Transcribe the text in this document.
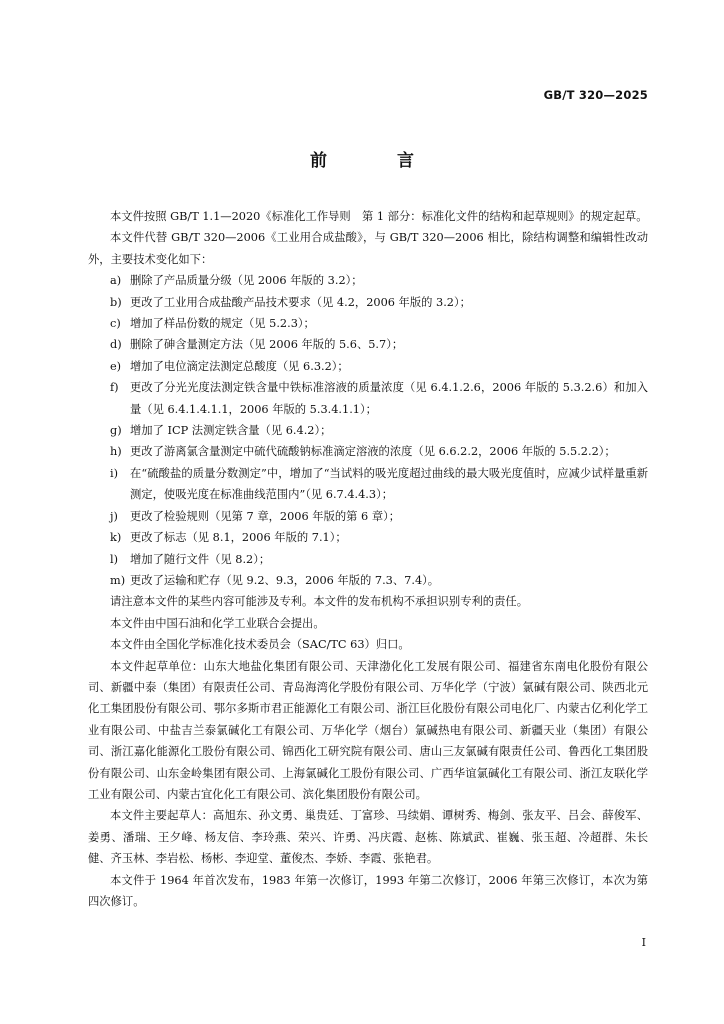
GB/T 320—2025
前 言

本文件按照 GB/T 1.1—2020《标准化工作导则　第 1 部分：标准化文件的结构和起草规则》的规定起草。

本文件代替 GB/T 320—2006《工业用合成盐酸》，与 GB/T 320—2006 相比，除结构调整和编辑性改动外，主要技术变化如下：

a) 删除了产品质量分级（见 2006 年版的 3.2）；

b) 更改了工业用合成盐酸产品技术要求（见 4.2，2006 年版的 3.2）；

c) 增加了样品份数的规定（见 5.2.3）；

d) 删除了砷含量测定方法（见 2006 年版的 5.6、5.7）；

e) 增加了电位滴定法测定总酸度（见 6.3.2）；

f) 更改了分光光度法测定铁含量中铁标准溶液的质量浓度（见 6.4.1.2.6，2006 年版的 5.3.2.6）和加入量（见 6.4.1.4.1.1，2006 年版的 5.3.4.1.1）；

g) 增加了 ICP 法测定铁含量（见 6.4.2）；

h) 更改了游离氯含量测定中硫代硫酸钠标准滴定溶液的浓度（见 6.6.2.2，2006 年版的 5.5.2.2）；

i) 在“硫酸盐的质量分数测定”中，增加了“当试料的吸光度超过曲线的最大吸光度值时，应减少试样量重新测定，使吸光度在标准曲线范围内”（见 6.7.4.4.3）；

j) 更改了检验规则（见第 7 章，2006 年版的第 6 章）；

k) 更改了标志（见 8.1，2006 年版的 7.1）；

l) 增加了随行文件（见 8.2）；

m) 更改了运输和贮存（见 9.2、9.3，2006 年版的 7.3、7.4）。

请注意本文件的某些内容可能涉及专利。本文件的发布机构不承担识别专利的责任。

本文件由中国石油和化学工业联合会提出。

本文件由全国化学标准化技术委员会（SAC/TC 63）归口。

本文件起草单位：山东大地盐化集团有限公司、天津渤化化工发展有限公司、福建省东南电化股份有限公司、新疆中泰（集团）有限责任公司、青岛海湾化学股份有限公司、万华化学（宁波）氯碱有限公司、陕西北元化工集团股份有限公司、鄂尔多斯市君正能源化工有限公司、浙江巨化股份有限公司电化厂、内蒙古亿利化学工业有限公司、中盐吉兰泰氯碱化工有限公司、万华化学（烟台）氯碱热电有限公司、新疆天业（集团）有限公司、浙江嘉化能源化工股份有限公司、锦西化工研究院有限公司、唐山三友氯碱有限责任公司、鲁西化工集团股份有限公司、山东金岭集团有限公司、上海氯碱化工股份有限公司、广西华谊氯碱化工有限公司、浙江友联化学工业有限公司、内蒙古宜化化工有限公司、滨化集团股份有限公司。

本文件主要起草人：高旭东、孙文勇、巢贵廷、丁富珍、马续娟、谭树秀、梅剑、张友平、吕会、薛俊军、姜勇、潘瑞、王夕峰、杨友信、李玲燕、荣兴、许勇、冯庆霞、赵栋、陈斌武、崔巍、张玉超、冷超群、朱长健、齐玉林、李岩松、杨彬、李迎堂、董俊杰、李娇、李霞、张艳君。

本文件于 1964 年首次发布，1983 年第一次修订，1993 年第二次修订，2006 年第三次修订，本次为第四次修订。

I
